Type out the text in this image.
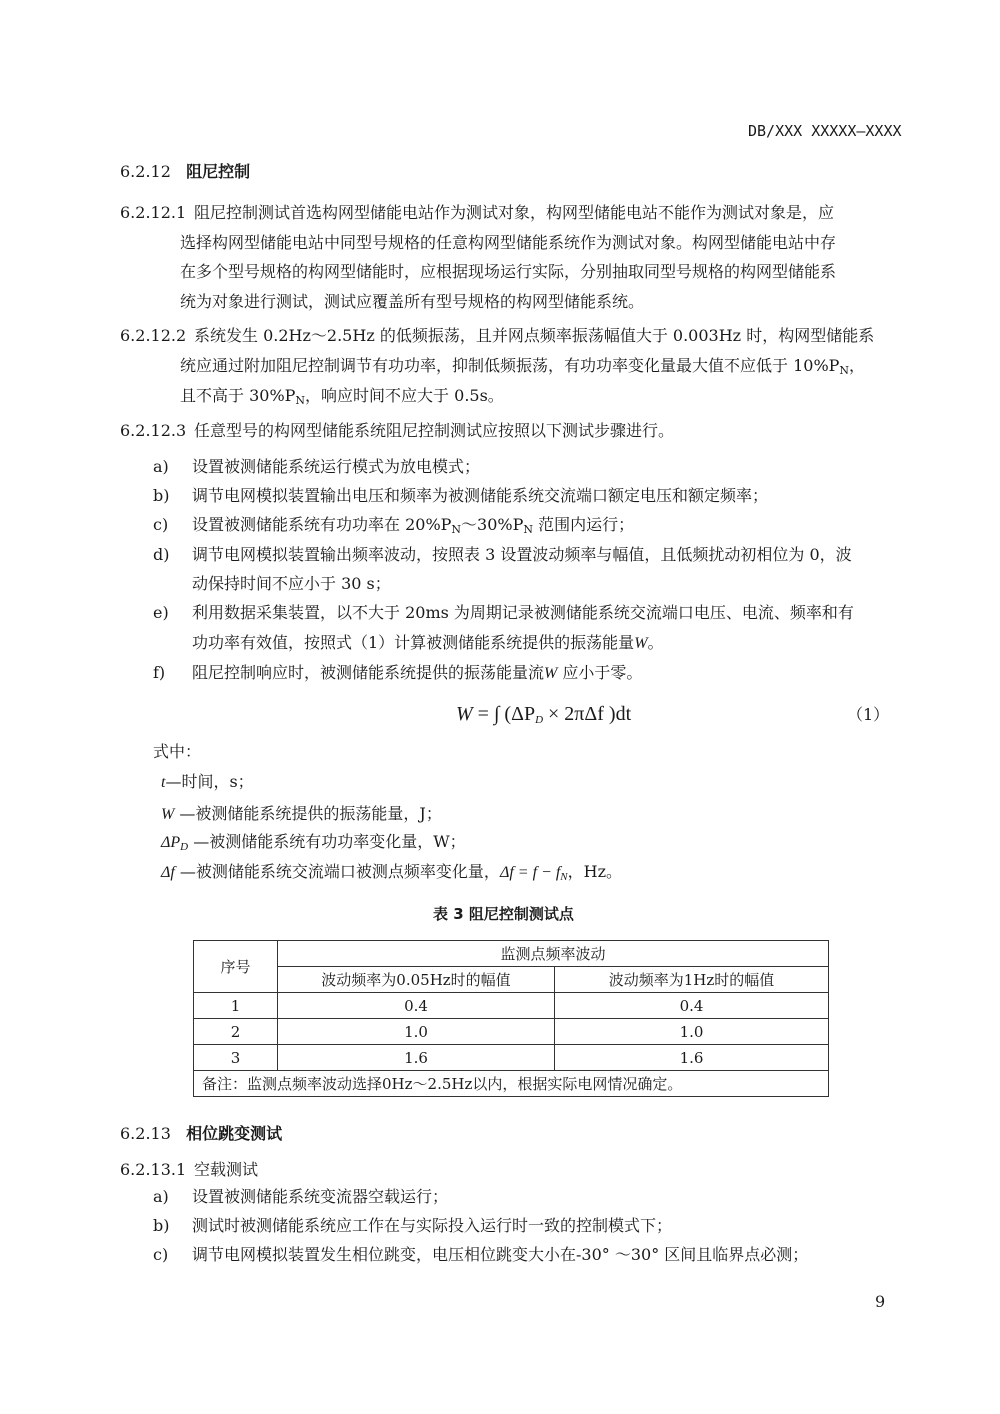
DB/XXX XXXXX—XXXX
6.2.12 阻尼控制
6.2.12.1 阻尼控制测试首选构网型储能电站作为测试对象，构网型储能电站不能作为测试对象是，应
选择构网型储能电站中同型号规格的任意构网型储能系统作为测试对象。构网型储能电站中存
在多个型号规格的构网型储能时，应根据现场运行实际，分别抽取同型号规格的构网型储能系
统为对象进行测试，测试应覆盖所有型号规格的构网型储能系统。
6.2.12.2 系统发生 0.2Hz～2.5Hz 的低频振荡，且并网点频率振荡幅值大于 0.003Hz 时，构网型储能系
统应通过附加阻尼控制调节有功功率，抑制低频振荡，有功功率变化量最大值不应低于 $10\%P_N$，
且不高于 $30\%P_N$，响应时间不应大于 0.5s。
6.2.12.3 任意型号的构网型储能系统阻尼控制测试应按照以下测试步骤进行。
a) 设置被测储能系统运行模式为放电模式；
b) 调节电网模拟装置输出电压和频率为被测储能系统交流端口额定电压和额定频率；
c) 设置被测储能系统有功功率在 $20\%P_N\sim 30\%P_N$ 范围内运行；
d) 调节电网模拟装置输出频率波动，按照表 3 设置波动频率与幅值，且低频扰动初相位为 0，波
动保持时间不应小于 30 s；
e) 利用数据采集装置，以不大于 20ms 为周期记录被测储能系统交流端口电压、电流、频率和有
功功率有效值，按照式（1）计算被测储能系统提供的振荡能量W。
f) 阻尼控制响应时，被测储能系统提供的振荡能量流W 应小于零。
W = ∫ ($\Delta P_D \times 2\pi\Delta f$ )dt	（1）
式中：
t—时间，s；
W —被测储能系统提供的振荡能量，J；
$\Delta P_D$ —被测储能系统有功功率变化量，W；
Δf —被测储能系统交流端口被测点频率变化量，$\Delta f = f - f_N$，Hz。
表 3 阻尼控制测试点
序号	监测点频率波动	
	波动频率为0.05Hz时的幅值	波动频率为1Hz时的幅值
1	0.4	0.4
2	1.0	1.0
3	1.6	1.6
备注：监测点频率波动选择0Hz～2.5Hz以内，根据实际电网情况确定。		
6.2.13 相位跳变测试
6.2.13.1 空载测试
a) 设置被测储能系统变流器空载运行；
b) 测试时被测储能系统应工作在与实际投入运行时一致的控制模式下；
c) 调节电网模拟装置发生相位跳变，电压相位跳变大小在-30° ～30° 区间且临界点必测；
9
